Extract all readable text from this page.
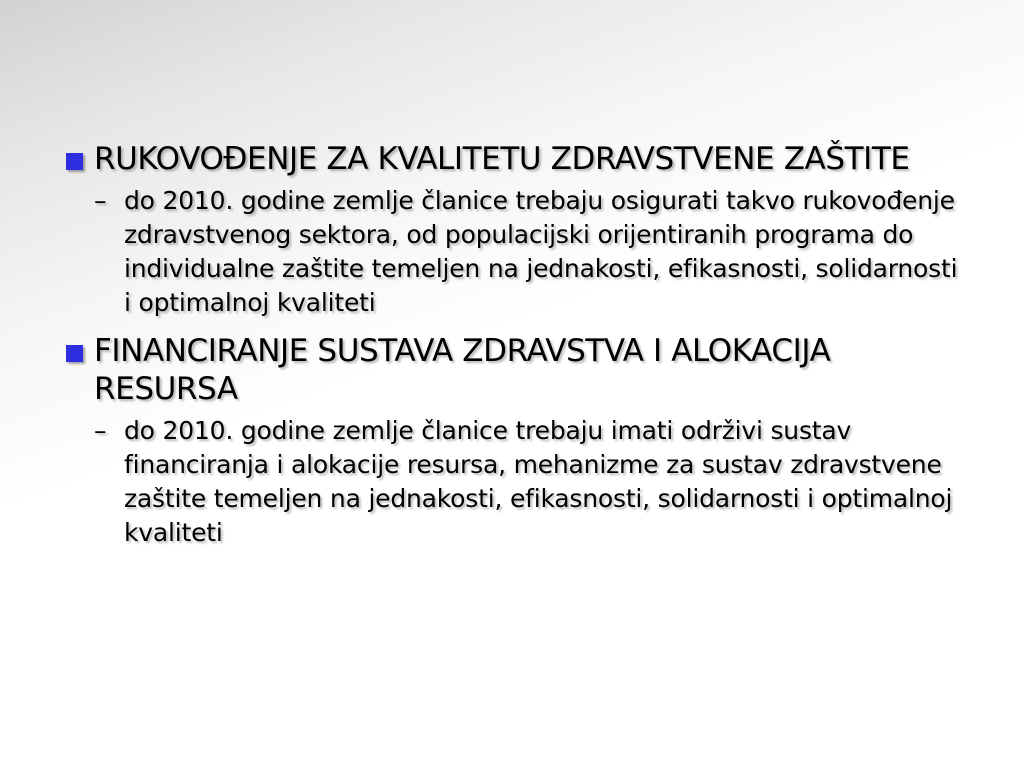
RUKOVOĐENJE ZA KVALITETU ZDRAVSTVENE ZAŠTITE
– do 2010. godine zemlje članice trebaju osigurati takvo rukovođenje zdravstvenog sektora, od populacijski orijentiranih programa do individualne zaštite temeljen na jednakosti, efikasnosti, solidarnosti i optimalnoj kvaliteti
FINANCIRANJE SUSTAVA ZDRAVSTVA I ALOKACIJA RESURSA
– do 2010. godine zemlje članice trebaju imati održivi sustav financiranja i alokacije resursa, mehanizme za sustav zdravstvene zaštite temeljen na jednakosti, efikasnosti, solidarnosti i optimalnoj kvaliteti
